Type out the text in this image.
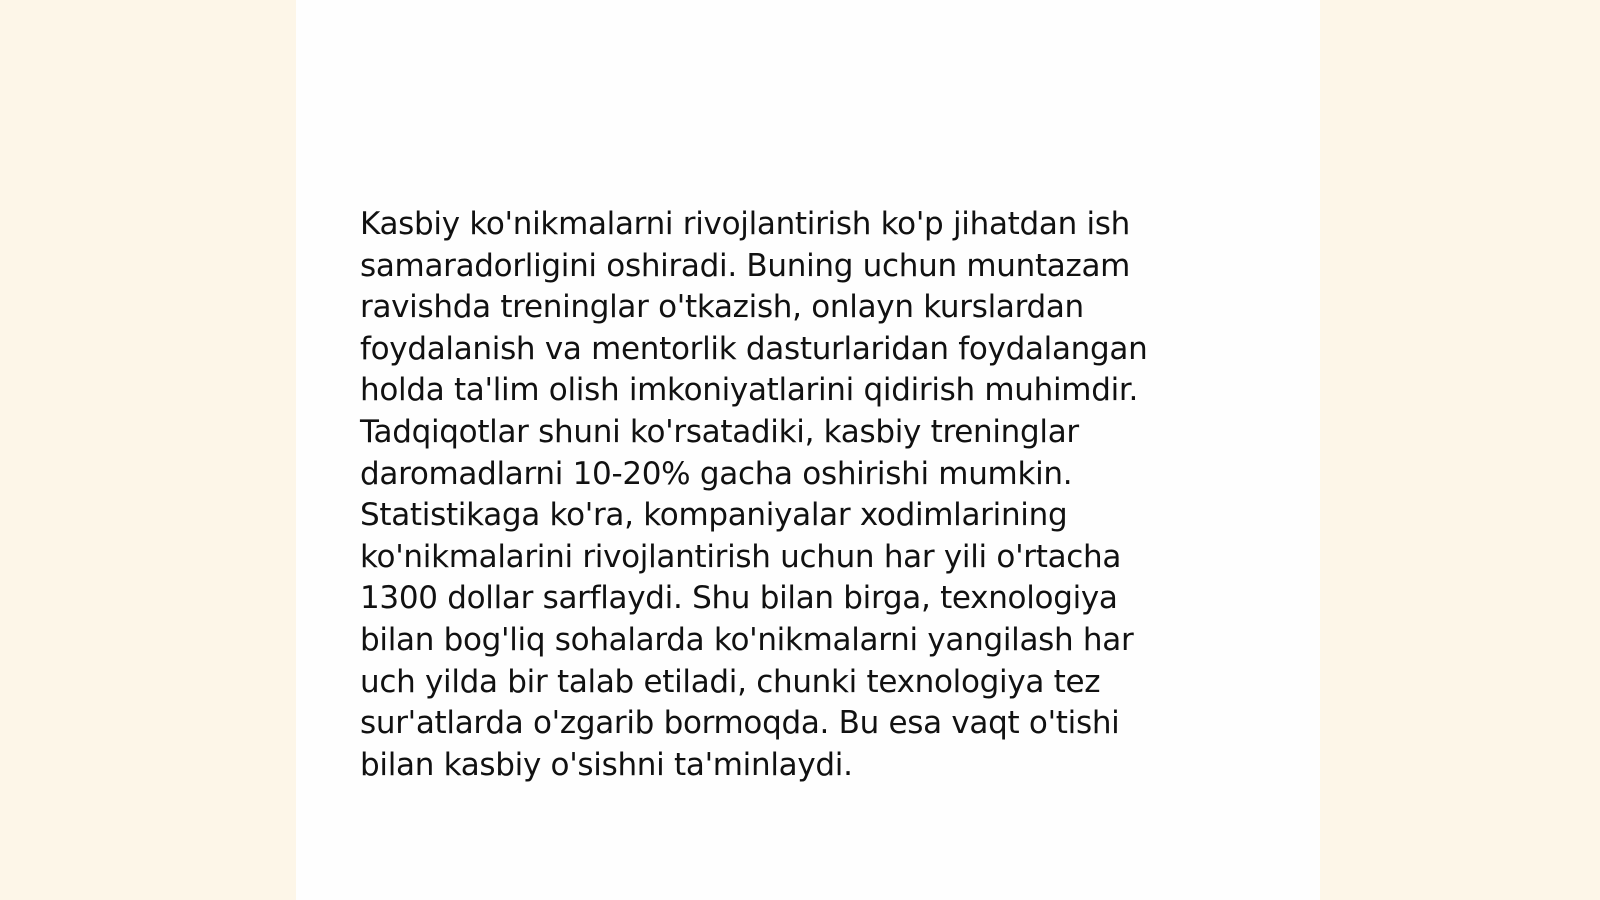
Kasbiy ko'nikmalarni rivojlantirish ko'p jihatdan ish
samaradorligini oshiradi. Buning uchun muntazam
ravishda treninglar o'tkazish, onlayn kurslardan
foydalanish va mentorlik dasturlaridan foydalangan
holda ta'lim olish imkoniyatlarini qidirish muhimdir.
Tadqiqotlar shuni ko'rsatadiki, kasbiy treninglar
daromadlarni 10-20% gacha oshirishi mumkin.
Statistikaga ko'ra, kompaniyalar xodimlarining
ko'nikmalarini rivojlantirish uchun har yili o'rtacha
1300 dollar sarflaydi. Shu bilan birga, texnologiya
bilan bog'liq sohalarda ko'nikmalarni yangilash har
uch yilda bir talab etiladi, chunki texnologiya tez
sur'atlarda o'zgarib bormoqda. Bu esa vaqt o'tishi
bilan kasbiy o'sishni ta'minlaydi.
